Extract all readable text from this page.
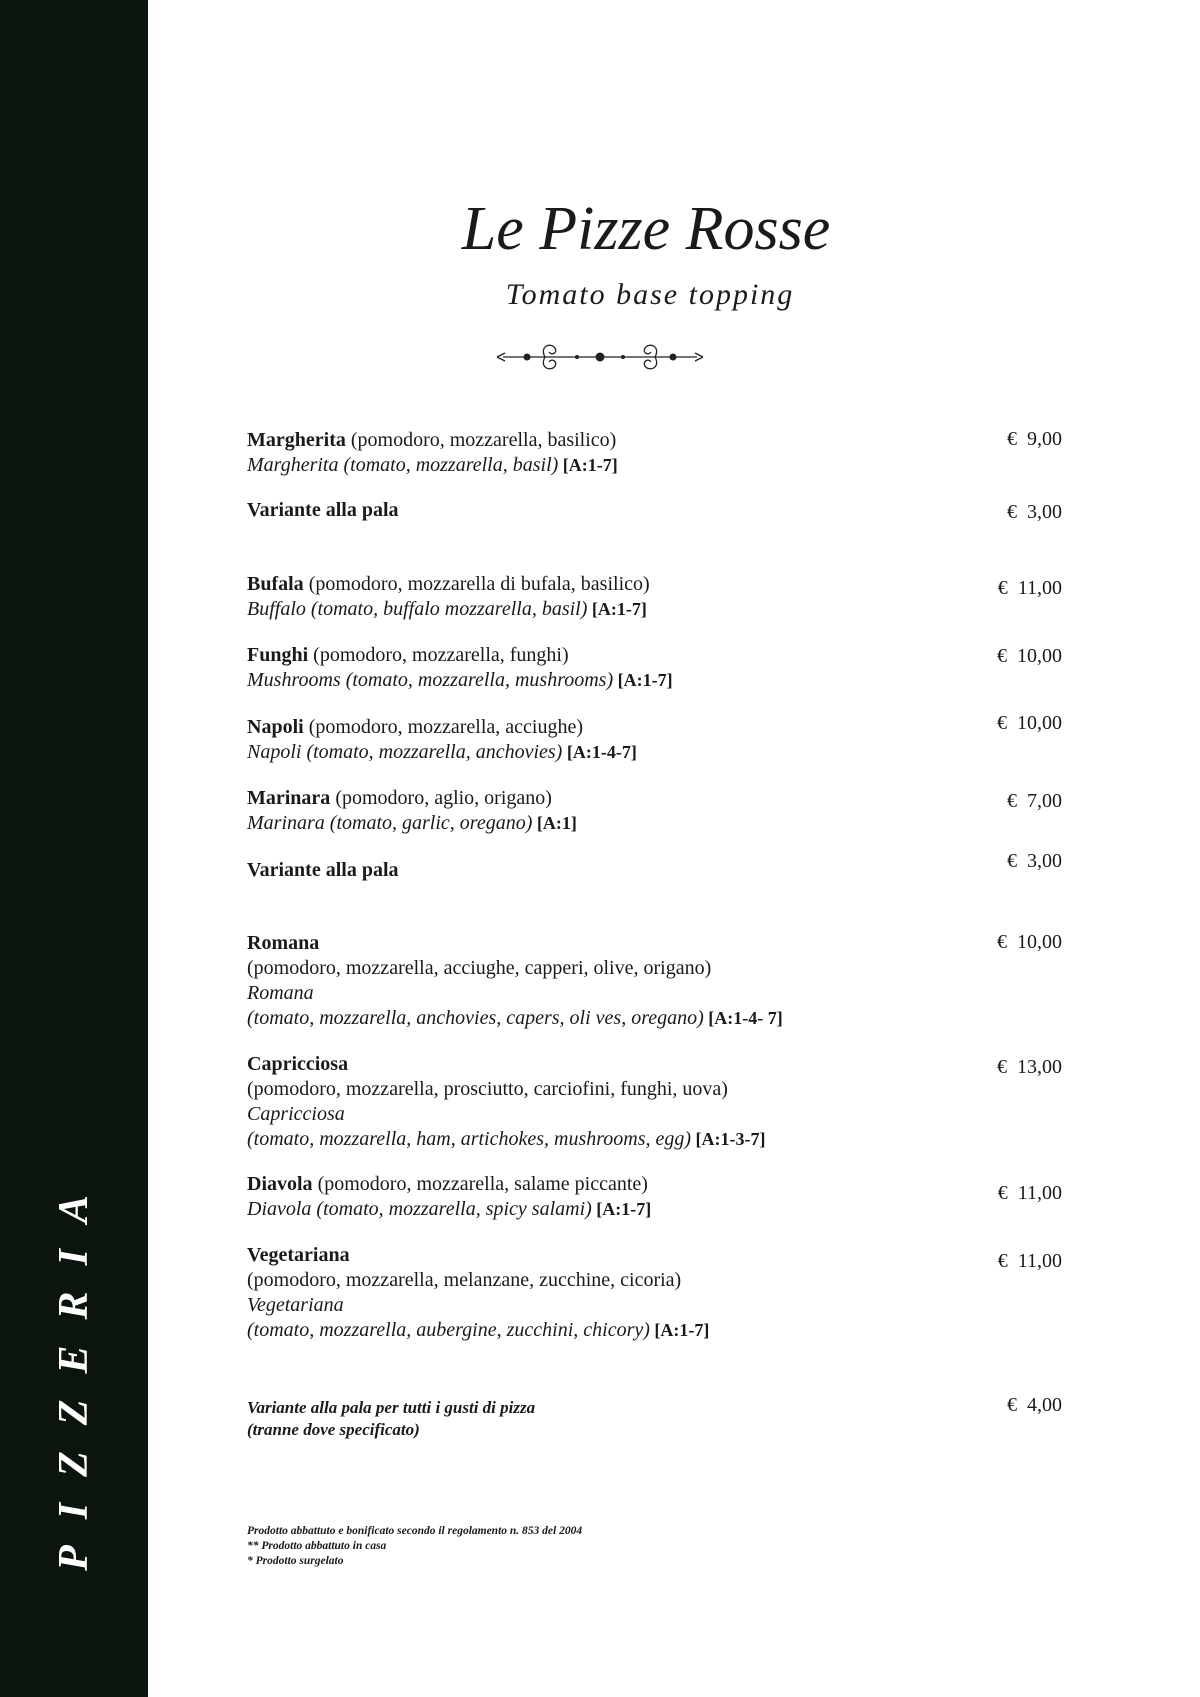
PIZZERIA
Le Pizze Rosse
Tomato base topping
Margherita (pomodoro, mozzarella, basilico)
Margherita (tomato, mozzarella, basil) [A:1-7]
€  9,00
Variante alla pala	€  3,00
Bufala (pomodoro, mozzarella di bufala, basilico)
Buffalo (tomato, buffalo mozzarella, basil) [A:1-7]
€  11,00
Funghi (pomodoro, mozzarella, funghi)
Mushrooms (tomato, mozzarella, mushrooms) [A:1-7]
€  10,00
Napoli (pomodoro, mozzarella, acciughe)
Napoli (tomato, mozzarella, anchovies) [A:1-4-7]
€  10,00
Marinara (pomodoro, aglio, origano)
Marinara (tomato, garlic, oregano) [A:1]
€  7,00
Variante alla pala	€  3,00
Romana
(pomodoro, mozzarella, acciughe, capperi, olive, origano)
Romana
(tomato, mozzarella, anchovies, capers, oli ves, oregano) [A:1-4- 7]
€  10,00
Capricciosa
(pomodoro, mozzarella, prosciutto, carciofini, funghi, uova)
Capricciosa
(tomato, mozzarella, ham, artichokes, mushrooms, egg) [A:1-3-7]
€  13,00
Diavola (pomodoro, mozzarella, salame piccante)
Diavola (tomato, mozzarella, spicy salami) [A:1-7]
€  11,00
Vegetariana
(pomodoro, mozzarella, melanzane, zucchine, cicoria)
Vegetariana
(tomato, mozzarella, aubergine, zucchini, chicory) [A:1-7]
€  11,00
Variante alla pala per tutti i gusti di pizza
(tranne dove specificato)
€  4,00
Prodotto abbattuto e bonificato secondo il regolamento n. 853 del 2004
** Prodotto abbattuto in casa
* Prodotto surgelato
